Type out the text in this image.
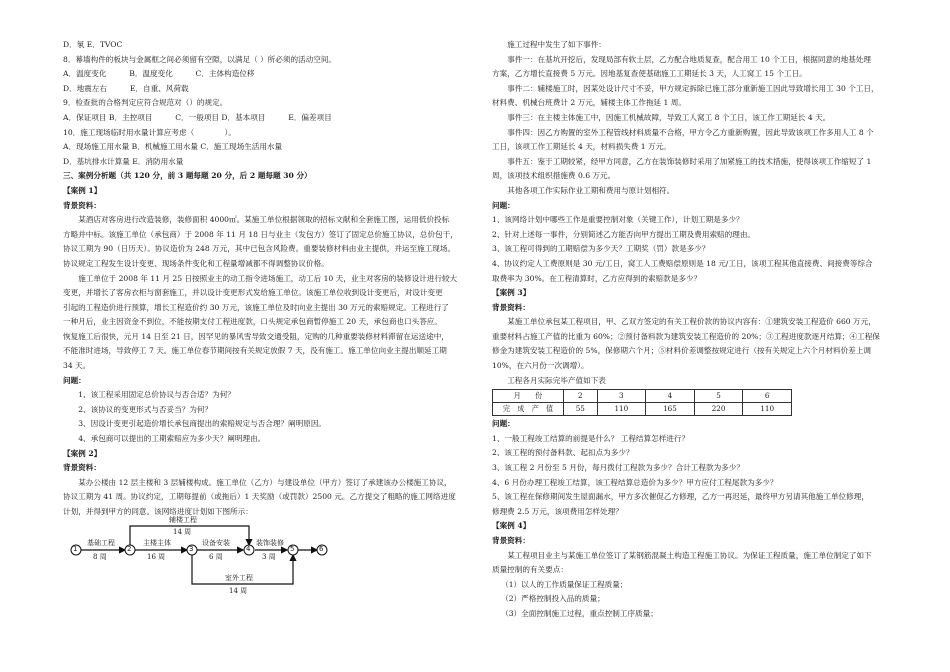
D．氡 E．TVOC
8．幕墙构件的板块与金属框之间必须留有空隙，以满足（ ）所必须的活动空间。
A．温度变化　　　B．温度变化　　　C．主体构造位移
D．地震左右　　　E．自重、风荷载
9．检查批的合格判定应符合规范对（）的规定。
A．保证项目 B．主控项目　　　C．一般项目 D．基本项目　　　E．偏差项目
10．施工现场临时用水量计算应考虑（　　　　）。
A．现场施工用水量 B．机械施工用水量 C．施工现场生活用水量
D．基坑排水计算量 E．消防用水量
三、案例分析题（共 120 分，前 3 题每题 20 分，后 2 题每题 30 分）
【案例 1】
背景资料：
某酒店对客房进行改造装修，装修面积 4000㎡。某施工单位根据领取的招标文献和全套施工图，运用低价投标
方略并中标。该施工单位（承包商）于 2008 年 11 月 18 日与业主（发包方）签订了固定总价施工协议，总价包干，
协议工期为 90（日历天）。协议造价为 248 万元，其中已包含风险费。重要装修材料由业主提供，并运至施工现场。
协议规定工程发生设计变更、现场条件变化和工程量增减都不得调整协议价格。
施工单位于 2008 年 11 月 25 日按照业主的动工指令进场施工，动工后 10 天，业主对客房的装修设计进行较大
变更，并增长了客房衣柜与窗套施工，并以设计变更形式发给施工单位。该施工单位收到设计变更后，对设计变更
引起的工程造价进行预算，增长工程造价约 30 万元，该施工单位及时向业主提出 30 万元的索赔规定。工程进行了
一种月后，业主因资金不到位，不能按期支付工程进度款，口头规定承包商暂停施工 20 天，承包商也口头答应。
恢复施工后很快，元月 14 日至 21 日，因罕见的暴风雪导致交通受阻，定购的几种重要装修材料滞留在运送途中，
不能准时进场，导致停工 7 天。施工单位春节期间按有关规定放假 7 天，没有施工。施工单位向业主提出顺延工期
34 天。
问题：
1、该工程采用固定总价协议与否合适？为何？
2、该协议的变更形式与否妥当？为何？
3、因设计变更引起造价增长承包商提出的索赔规定与否合理？阐明原因。
4、承包商可以提出的工期索赔应为多少天？阐明理由。
【案例 2】
背景资料：
某办公楼由 12 层主楼和 3 层辅楼构成。施工单位（乙方）与建设单位（甲方）签订了承建该办公楼施工协议，
协议工期为 41 周。协议约定，工期每提前（或拖后）1 天奖励（或罚款）2500 元。乙方提交了粗略的施工网络进度
计划，并得到甲方的同意。该网络进度计划如下图所示：
1	2	3	4	5	6
基础工程
8 周
主楼主体
16 周
辅楼工程
14 周
设备安装
6 周
装饰装修
3 周
室外工程
14 周
施工过程中发生了如下事件：
事件一：在基坑开挖后，发现局部有软土层，乙方配合地质复查，配合用工 10 个工日，根据同意的地基处理
方案，乙方增长直接费 5 万元。因地基复查使基础施工工期延长 3 天，人工窝工 15 个工日。
事件二：辅楼施工时，因某处设计尺寸不妥，甲方规定拆除已施工部分重新施工因此导致增长用工 30 个工日，
材料费、机械台班费计 2 万元，辅楼主体工作拖延 1 周。
事件三：在主楼主体施工中，因施工机械故障，导致工人窝工 8 个工日，该工作工期延长 4 天。
事件四：因乙方购置的室外工程管线材料质量不合格，甲方令乙方重新购置，因此导致该项工作多用人工 8 个
工日，该项工作工期延长 4 天，材料损失费 1 万元。
事件五：鉴于工期较紧，经甲方同意，乙方在装饰装修时采用了加紧施工的技术措施，使得该项工作缩短了 1
周，该项技术组织措施费 0.6 万元。
其他各项工作实际作业工期和费用与原计划相符。
问题：
1、该网络计划中哪些工作是重要控制对象（关键工作），计划工期是多少？
2、针对上述每一事件，分别简述乙方能否向甲方提出工期及费用索赔的理由。
3、该工程可得到的工期赔偿为多少天？工期奖（罚）款是多少？
4、协议约定人工费原则是 30 元/工日，窝工人工费赔偿原则是 18 元/工日，该项工程其他直接费、间接费等综合
取费率为 30%。在工程清算时，乙方应得到的索赔款是多少？
【案例 3】
背景资料：
某施工单位承包某工程项目，甲、乙双方签定的有关工程价款的协议内容有：①建筑安装工程造价 660 万元，
重要材料占施工产值的比重为 60%；②预付备料款为建筑安装工程造价的 20%；③工程进度款逐月结算；④工程保
修金为建筑安装工程造价的 5%，保修期六个月；⑤材料价差调整按规定进行（按有关规定上六个月材料价差上调
10%，在六月份一次调增）。
工程各月实际完毕产值如下表
月　　份	2	3	4	5	6
完　成　产　值	55	110	165	220	110
问题：
1、一般工程竣工结算的前提是什么？ 工程结算怎样进行？
2、该工程的预付备料款、起扣点为多少？
3、该工程 2 月份至 5 月份，每月拨付工程款为多少？合计工程款为多少？
4、6 月份办理工程竣工结算，该工程结算总造价为多少？甲方应付工程尾款为多少？
5、该工程在保修期间发生屋面漏水，甲方多次催促乙方修理，乙方一再迟延，最终甲方另请其他施工单位修理，
修理费 2.5 万元，该项费用怎样处理？
【案例 4】
背景资料：
某工程项目业主与某施工单位签订了某钢筋混凝土构造工程施工协议。为保证工程质量，施工单位制定了如下
质量控制的有关要点：
（1）以人的工作质量保证工程质量；
（2）严格控制投入品的质量；
（3）全面控制施工过程，重点控制工序质量；
